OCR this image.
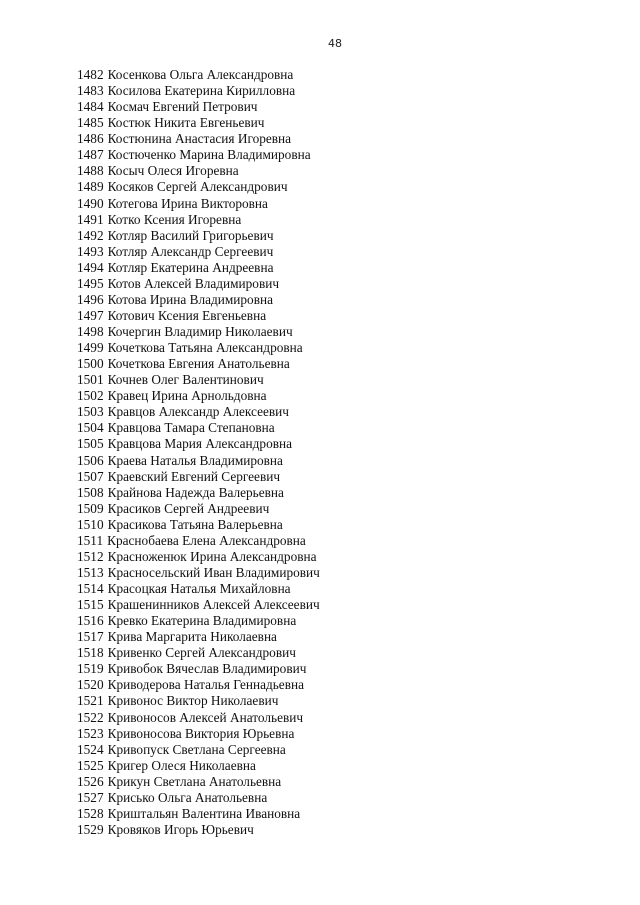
48
1482 Косенкова Ольга Александровна
1483 Косилова Екатерина Кирилловна
1484 Космач Евгений Петрович
1485 Костюк Никита Евгеньевич
1486 Костюнина Анастасия Игоревна
1487 Костюченко Марина Владимировна
1488 Косыч Олеся Игоревна
1489 Косяков Сергей Александрович
1490 Котегова Ирина Викторовна
1491 Котко Ксения Игоревна
1492 Котляр Василий Григорьевич
1493 Котляр Александр Сергеевич
1494 Котляр Екатерина Андреевна
1495 Котов Алексей Владимирович
1496 Котова Ирина Владимировна
1497 Котович Ксения Евгеньевна
1498 Кочергин Владимир Николаевич
1499 Кочеткова Татьяна Александровна
1500 Кочеткова Евгения Анатольевна
1501 Кочнев Олег Валентинович
1502 Кравец Ирина Арнольдовна
1503 Кравцов Александр Алексеевич
1504 Кравцова Тамара Степановна
1505 Кравцова Мария Александровна
1506 Краева Наталья Владимировна
1507 Краевский Евгений Сергеевич
1508 Крайнова Надежда Валерьевна
1509 Красиков Сергей Андреевич
1510 Красикова Татьяна Валерьевна
1511 Краснобаева Елена Александровна
1512 Красноженюк Ирина Александровна
1513 Красносельский Иван Владимирович
1514 Красоцкая Наталья Михайловна
1515 Крашенинников Алексей Алексеевич
1516 Кревко Екатерина Владимировна
1517 Крива Маргарита Николаевна
1518 Кривенко Сергей Александрович
1519 Кривобок Вячеслав Владимирович
1520 Криводерова Наталья Геннадьевна
1521 Кривонос Виктор Николаевич
1522 Кривоносов Алексей Анатольевич
1523 Кривоносова Виктория Юрьевна
1524 Кривопуск Светлана Сергеевна
1525 Кригер Олеся Николаевна
1526 Крикун Светлана Анатольевна
1527 Крисько Ольга Анатольевна
1528 Криштальян Валентина Ивановна
1529 Кровяков Игорь Юрьевич
